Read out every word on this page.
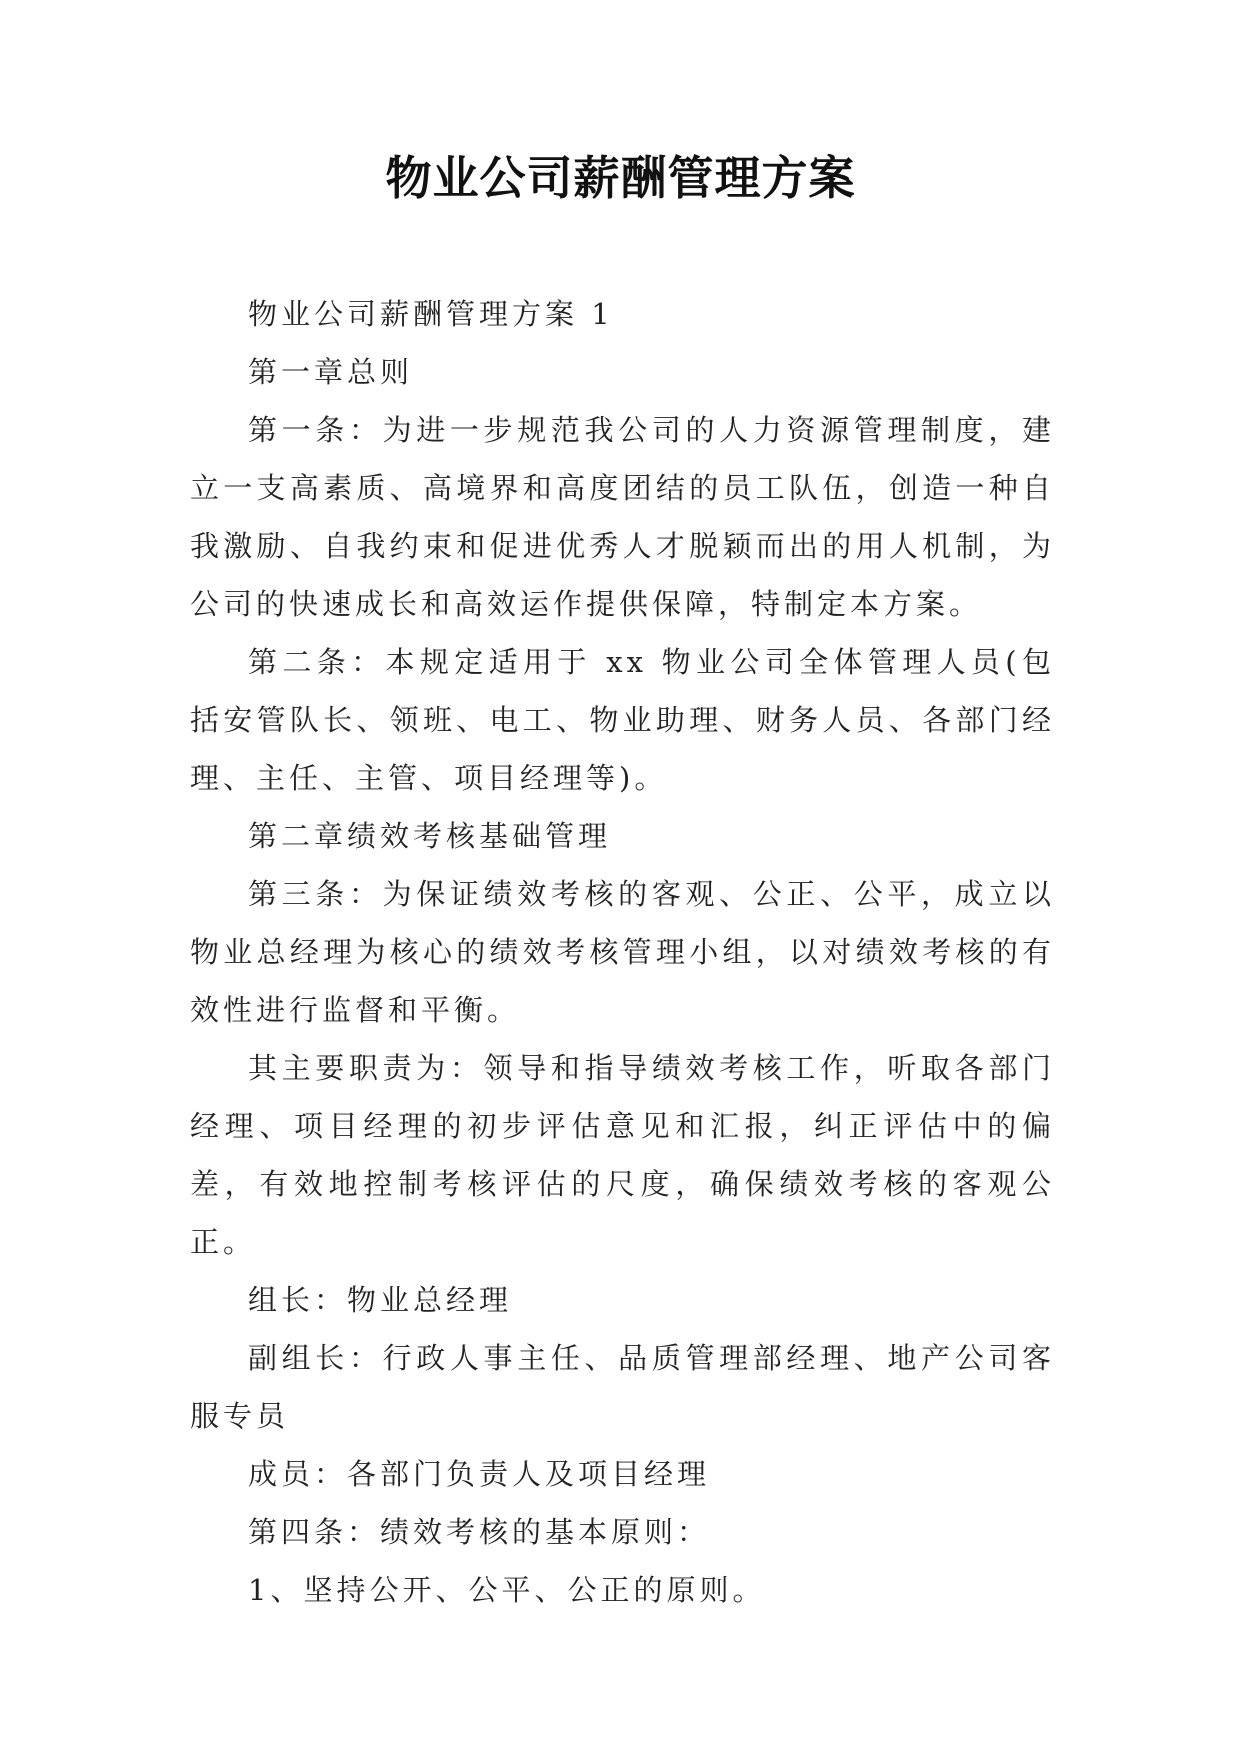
物业公司薪酬管理方案

物业公司薪酬管理方案 1

第一章总则

第一条：为进一步规范我公司的人力资源管理制度，建立一支高素质、高境界和高度团结的员工队伍，创造一种自我激励、自我约束和促进优秀人才脱颖而出的用人机制，为公司的快速成长和高效运作提供保障，特制定本方案。

第二条：本规定适用于 xx 物业公司全体管理人员(包括安管队长、领班、电工、物业助理、财务人员、各部门经理、主任、主管、项目经理等)。

第二章绩效考核基础管理

第三条：为保证绩效考核的客观、公正、公平，成立以物业总经理为核心的绩效考核管理小组，以对绩效考核的有效性进行监督和平衡。

其主要职责为：领导和指导绩效考核工作，听取各部门经理、项目经理的初步评估意见和汇报，纠正评估中的偏差，有效地控制考核评估的尺度，确保绩效考核的客观公正。

组长：物业总经理

副组长：行政人事主任、品质管理部经理、地产公司客服专员

成员：各部门负责人及项目经理

第四条：绩效考核的基本原则：

1、坚持公开、公平、公正的原则。
